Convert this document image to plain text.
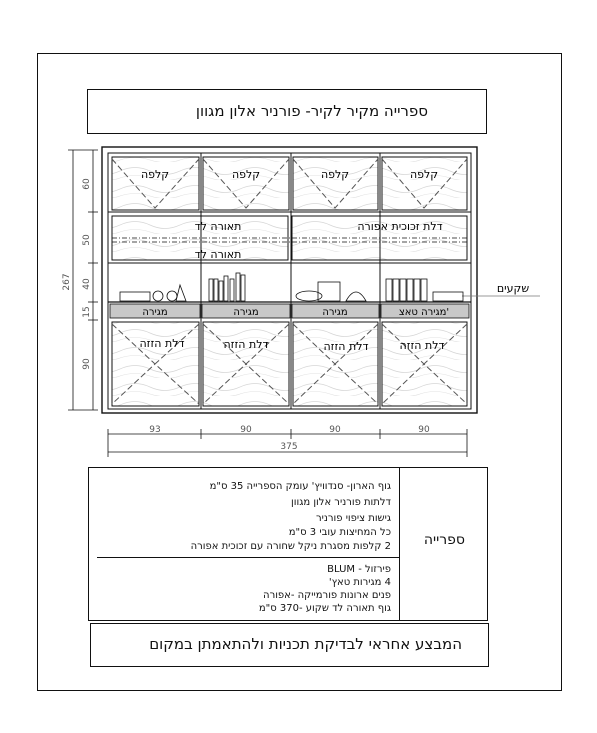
ספרייה מקיר לקיר- פורניר אלון מגוון
קלפה	קלפה	קלפה	קלפה
תאורה לד
תאורה לד
דלת זכוכית אפורה
מגירה	מגירה	מגירה	מגירה טאצ'
דלת הזזה	דלת הזזה	דלת הזזה	דלת הזזה
שקעים
60
50
40
15
90
267
93	90	90	90
375
ספרייה
גוף הארון- סנדוויץ' עומק הספרייה 35 ס"מ
דלתות פורניר אלון מגוון
גישות ציפוי פורניר
כל המחיצות עובי 3 ס"מ
2 קלפות מסגרת ניקל שחורה עם זכוכית אפורה
פירזול - BLUM
4 מגירות טאץ'
פנים ארונות פורמייקה -אפורה
גוף תאורה לד שקוע -370 ס"מ
המבצע אחראי לבדיקת תכניות ולהתאמתן במקום
